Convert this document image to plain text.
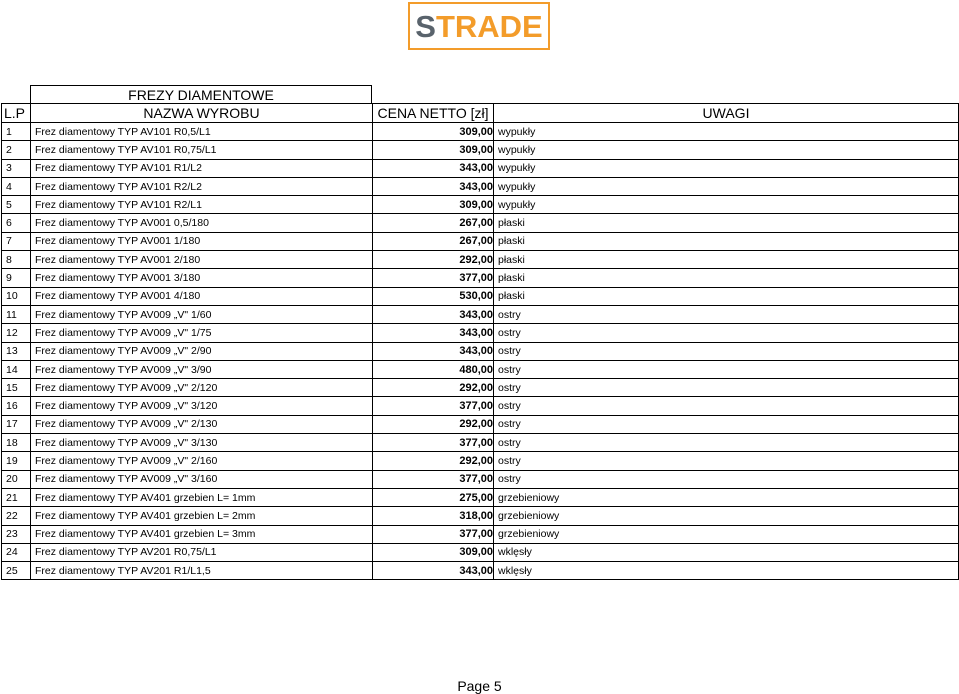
STRADE
FREZY DIAMENTOWE
L.P	NAZWA WYROBU	CENA NETTO [zł]	UWAGI
1	Frez diamentowy TYP AV101 R0,5/L1	309,00	wypukły
2	Frez diamentowy TYP AV101 R0,75/L1	309,00	wypukły
3	Frez diamentowy TYP AV101 R1/L2	343,00	wypukły
4	Frez diamentowy TYP AV101 R2/L2	343,00	wypukły
5	Frez diamentowy TYP AV101 R2/L1	309,00	wypukły
6	Frez diamentowy TYP AV001 0,5/180	267,00	płaski
7	Frez diamentowy TYP AV001 1/180	267,00	płaski
8	Frez diamentowy TYP AV001 2/180	292,00	płaski
9	Frez diamentowy TYP AV001 3/180	377,00	płaski
10	Frez diamentowy TYP AV001 4/180	530,00	płaski
11	Frez diamentowy TYP AV009 „V" 1/60	343,00	ostry
12	Frez diamentowy TYP AV009 „V" 1/75	343,00	ostry
13	Frez diamentowy TYP AV009 „V" 2/90	343,00	ostry
14	Frez diamentowy TYP AV009 „V" 3/90	480,00	ostry
15	Frez diamentowy TYP AV009 „V" 2/120	292,00	ostry
16	Frez diamentowy TYP AV009 „V" 3/120	377,00	ostry
17	Frez diamentowy TYP AV009 „V" 2/130	292,00	ostry
18	Frez diamentowy TYP AV009 „V" 3/130	377,00	ostry
19	Frez diamentowy TYP AV009 „V" 2/160	292,00	ostry
20	Frez diamentowy TYP AV009 „V" 3/160	377,00	ostry
21	Frez diamentowy TYP AV401 grzebien L= 1mm	275,00	grzebieniowy
22	Frez diamentowy TYP AV401 grzebien L= 2mm	318,00	grzebieniowy
23	Frez diamentowy TYP AV401 grzebien L= 3mm	377,00	grzebieniowy
24	Frez diamentowy TYP AV201 R0,75/L1	309,00	wklęsły
25	Frez diamentowy TYP AV201 R1/L1,5	343,00	wklęsły
Page 5
